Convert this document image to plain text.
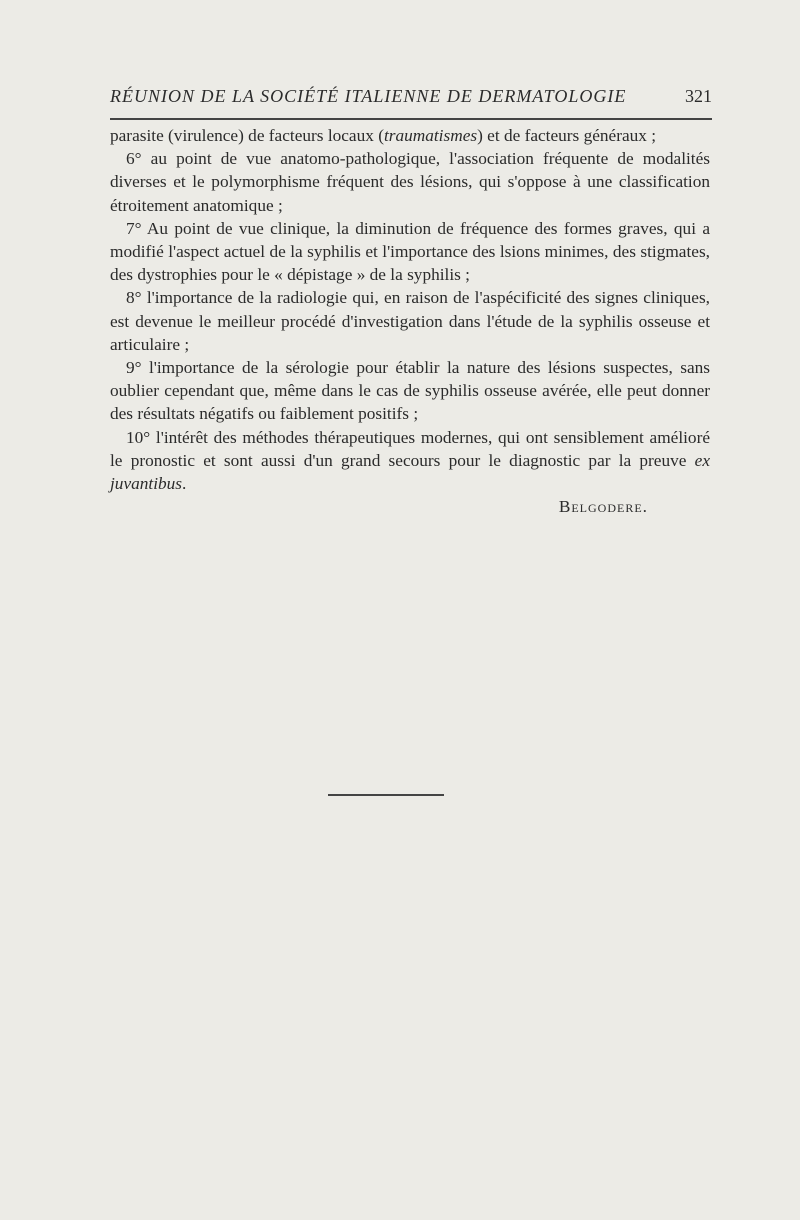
RÉUNION DE LA SOCIÉTÉ ITALIENNE DE DERMATOLOGIE	321

parasite (virulence) de facteurs locaux (traumatismes) et de facteurs généraux ;

6° au point de vue anatomo-pathologique, l'association fréquente de modalités diverses et le polymorphisme fréquent des lésions, qui s'oppose à une classification étroitement anatomique ;

7° Au point de vue clinique, la diminution de fréquence des formes graves, qui a modifié l'aspect actuel de la syphilis et l'importance des lsions minimes, des stigmates, des dystrophies pour le « dépistage » de la syphilis ;

8° l'importance de la radiologie qui, en raison de l'aspécificité des signes cliniques, est devenue le meilleur procédé d'investigation dans l'étude de la syphilis osseuse et articulaire ;

9° l'importance de la sérologie pour établir la nature des lésions suspectes, sans oublier cependant que, même dans le cas de syphilis osseuse avérée, elle peut donner des résultats négatifs ou faiblement positifs ;

10° l'intérêt des méthodes thérapeutiques modernes, qui ont sensiblement amélioré le pronostic et sont aussi d'un grand secours pour le diagnostic par la preuve ex juvantibus.

Belgodere.
